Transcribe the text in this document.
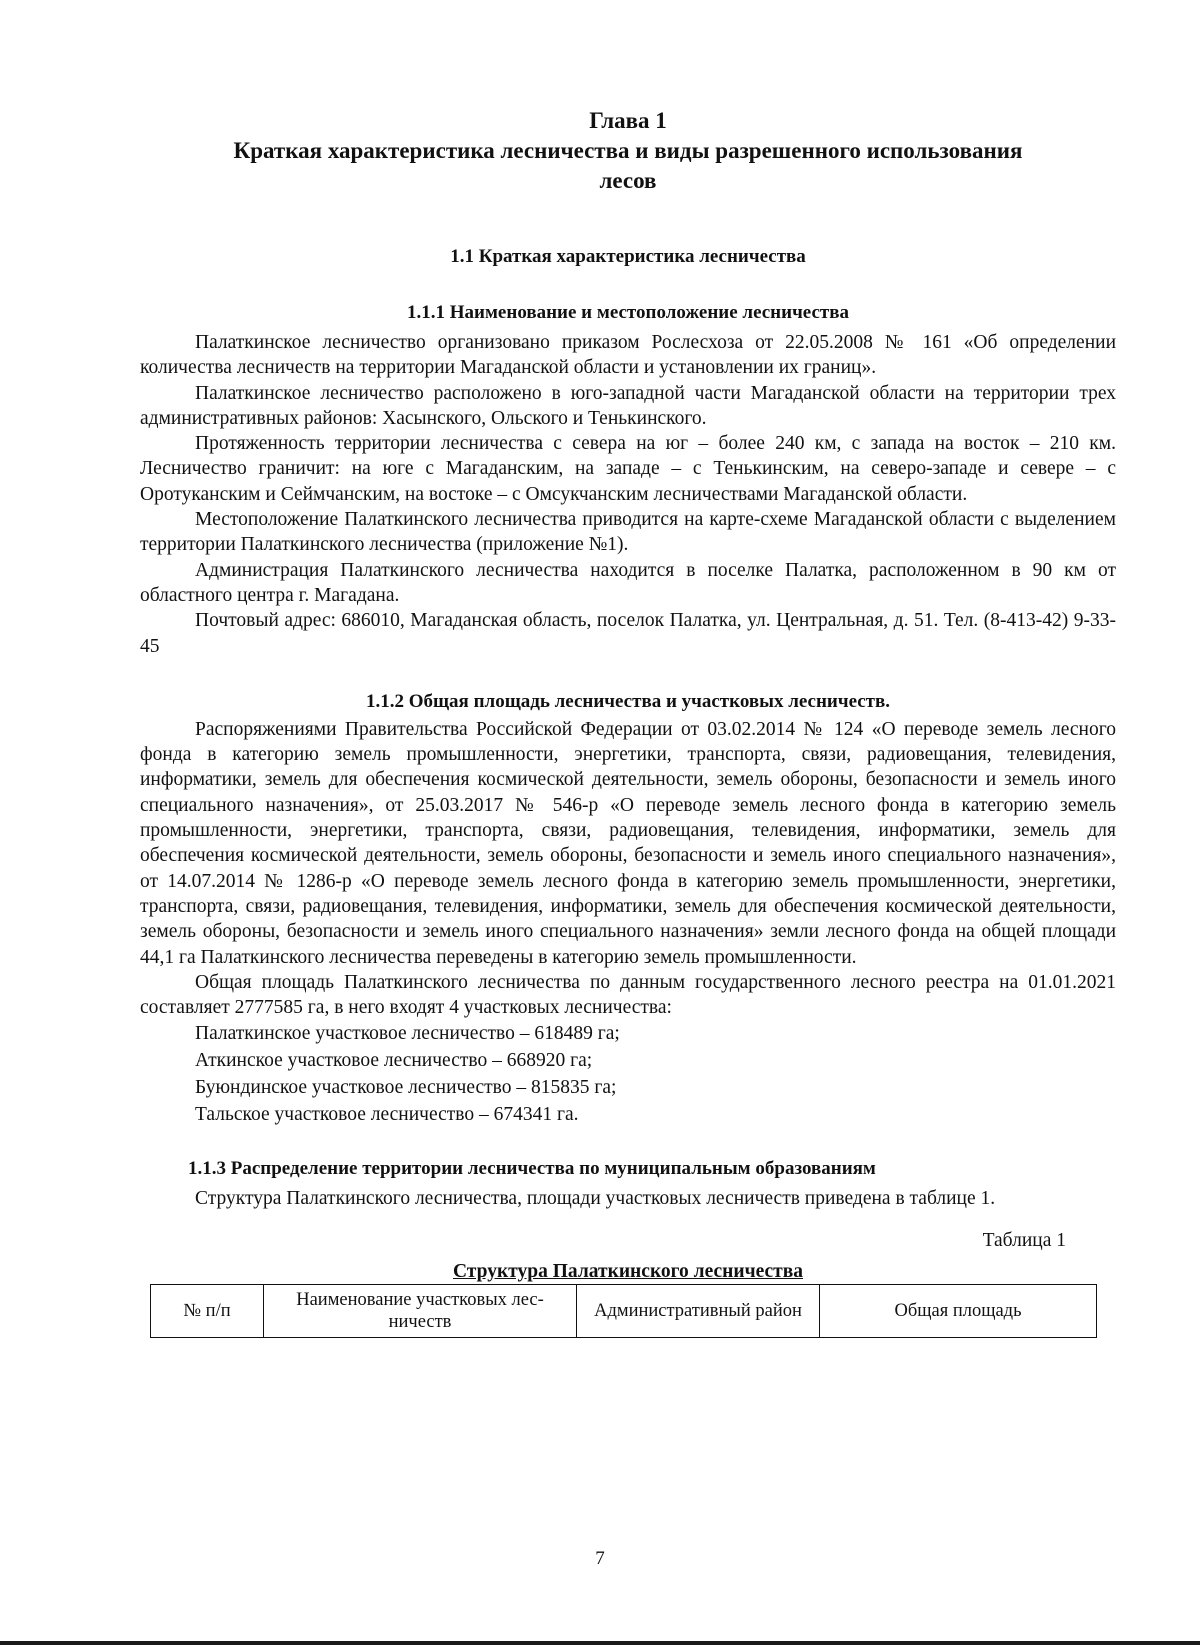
Глава 1
Краткая характеристика лесничества и виды разрешенного использования
лесов
1.1 Краткая характеристика лесничества
1.1.1 Наименование и местоположение лесничества

Палаткинское лесничество организовано приказом Рослесхоза от 22.05.2008 № 161 «Об определении количества лесничеств на территории Магаданской области и установлении их границ».

Палаткинское лесничество расположено в юго-западной части Магаданской области на территории трех административных районов: Хасынского, Ольского и Тенькинского.

Протяженность территории лесничества с севера на юг – более 240 км, с запада на восток – 210 км. Лесничество граничит: на юге с Магаданским, на западе – с Тенькинским, на северо-западе и севере – с Оротуканским и Сеймчанским, на востоке – с Омсукчанским лесничествами Магаданской области.

Местоположение Палаткинского лесничества приводится на карте-схеме Магаданской области с выделением территории Палаткинского лесничества (приложение №1).

Администрация Палаткинского лесничества находится в поселке Палатка, расположенном в 90 км от областного центра г. Магадана.

Почтовый адрес: 686010, Магаданская область, поселок Палатка, ул. Центральная, д. 51. Тел. (8-413-42) 9-33-45

1.1.2 Общая площадь лесничества и участковых лесничеств.

Распоряжениями Правительства Российской Федерации от 03.02.2014 № 124 «О переводе земель лесного фонда в категорию земель промышленности, энергетики, транспорта, связи, радиовещания, телевидения, информатики, земель для обеспечения космической деятельности, земель обороны, безопасности и земель иного специального назначения», от 25.03.2017 № 546-р «О переводе земель лесного фонда в категорию земель промышленности, энергетики, транспорта, связи, радиовещания, телевидения, информатики, земель для обеспечения космической деятельности, земель обороны, безопасности и земель иного специального назначения», от 14.07.2014 № 1286-р «О переводе земель лесного фонда в категорию земель промышленности, энергетики, транспорта, связи, радиовещания, телевидения, информатики, земель для обеспечения космической деятельности, земель обороны, безопасности и земель иного специального назначения» земли лесного фонда на общей площади 44,1 га Палаткинского лесничества переведены в категорию земель промышленности.

Общая площадь Палаткинского лесничества по данным государственного лесного реестра на 01.01.2021 составляет 2777585 га, в него входят 4 участковых лесничества:

Палаткинское участковое лесничество – 618489 га;

Аткинское участковое лесничество – 668920 га;

Буюндинское участковое лесничество – 815835 га;

Тальское участковое лесничество – 674341 га.

1.1.3 Распределение территории лесничества по муниципальным образованиям

Структура Палаткинского лесничества, площади участковых лесничеств приведена в таблице 1.

Таблица 1

Структура Палаткинского лесничества

№ п/п	Наименование участковых лес-ничеств	Административный район	Общая площадь
7
